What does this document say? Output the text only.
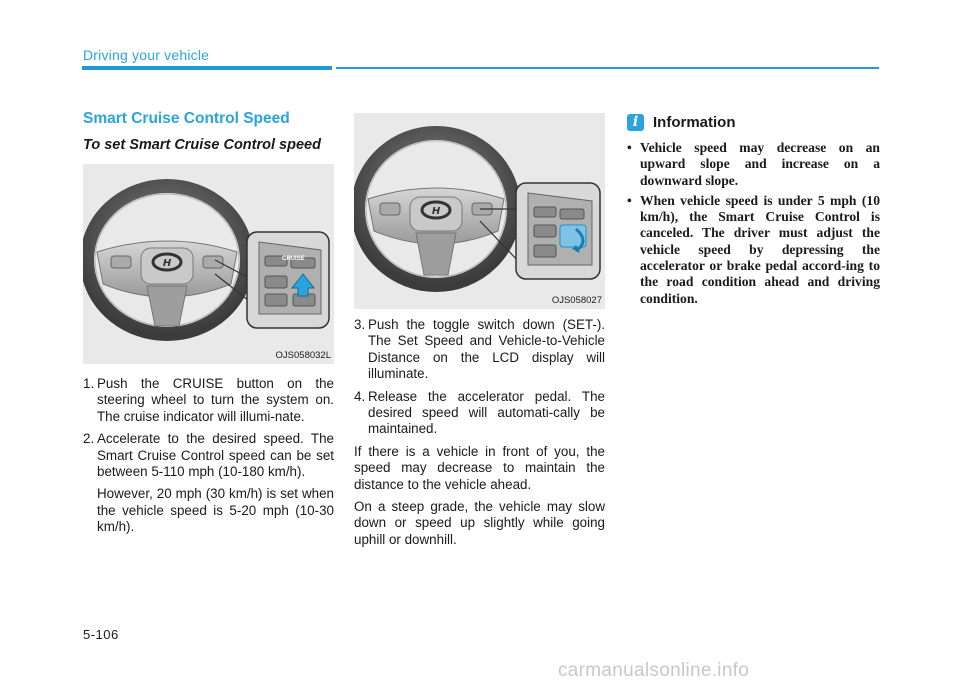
Driving your vehicle
Smart Cruise Control Speed
To set Smart Cruise Control speed
H	CRUISE
OJS058032L
1. Push the CRUISE button on the steering wheel to turn the system on. The cruise indicator will illumi-nate.
2. Accelerate to the desired speed. The Smart Cruise Control speed can be set between 5-110 mph (10-180 km/h).
However, 20 mph (30 km/h) is set when the vehicle speed is 5-20 mph (10-30 km/h).
H
OJS058027
3. Push the toggle switch down (SET-). The Set Speed and Vehicle-to-Vehicle Distance on the LCD display will illuminate.
4. Release the accelerator pedal. The desired speed will automati-cally be maintained.
If there is a vehicle in front of you, the speed may decrease to maintain the distance to the vehicle ahead.
On a steep grade, the vehicle may slow down or speed up slightly while going uphill or downhill.
i Information
• Vehicle speed may decrease on an upward slope and increase on a downward slope.
• When vehicle speed is under 5 mph (10 km/h), the Smart Cruise Control is canceled. The driver must adjust the vehicle speed by depressing the accelerator or brake pedal accord-ing to the road condition ahead and driving condition.
5-106
carmanualsonline.info
